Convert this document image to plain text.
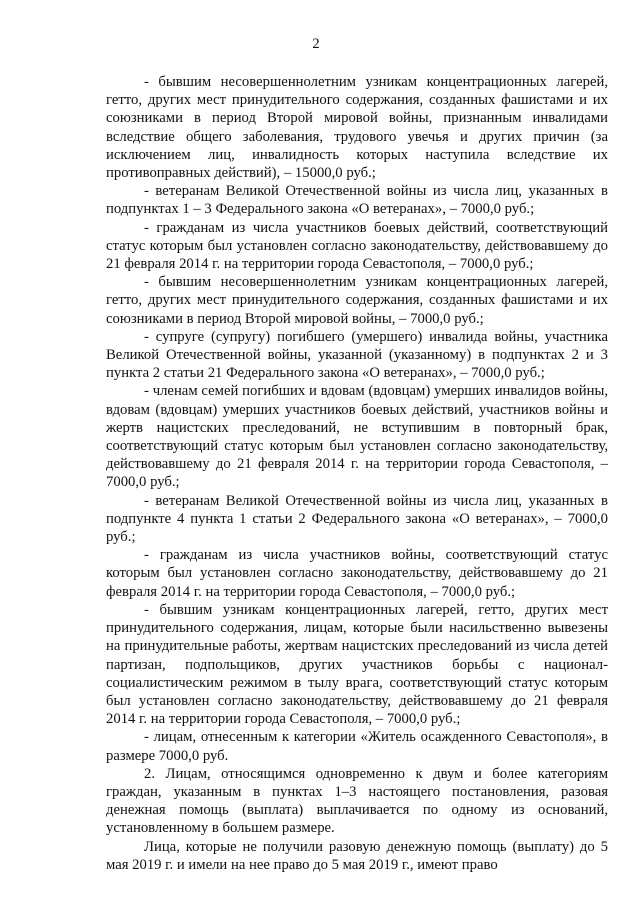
2

- бывшим несовершеннолетним узникам концентрационных лагерей, гетто, других мест принудительного содержания, созданных фашистами и их союзниками в период Второй мировой войны, признанным инвалидами вследствие общего заболевания, трудового увечья и других причин (за исключением лиц, инвалидность которых наступила вследствие их противоправных действий), – 15000,0 руб.;

- ветеранам Великой Отечественной войны из числа лиц, указанных в подпунктах 1 – 3 Федерального закона «О ветеранах», – 7000,0 руб.;

- гражданам из числа участников боевых действий, соответствующий статус которым был установлен согласно законодательству, действовавшему до 21 февраля 2014 г. на территории города Севастополя, – 7000,0 руб.;

- бывшим несовершеннолетним узникам концентрационных лагерей, гетто, других мест принудительного содержания, созданных фашистами и их союзниками в период Второй мировой войны, – 7000,0 руб.;

- супруге (супругу) погибшего (умершего) инвалида войны, участника Великой Отечественной войны, указанной (указанному) в подпунктах 2 и 3 пункта 2 статьи 21 Федерального закона «О ветеранах», – 7000,0 руб.;

- членам семей погибших и вдовам (вдовцам) умерших инвалидов войны, вдовам (вдовцам) умерших участников боевых действий, участников войны и жертв нацистских преследований, не вступившим в повторный брак, соответствующий статус которым был установлен согласно законодательству, действовавшему до 21 февраля 2014 г. на территории города Севастополя, – 7000,0 руб.;

- ветеранам Великой Отечественной войны из числа лиц, указанных в подпункте 4 пункта 1 статьи 2 Федерального закона «О ветеранах», – 7000,0 руб.;

- гражданам из числа участников войны, соответствующий статус которым был установлен согласно законодательству, действовавшему до 21 февраля 2014 г. на территории города Севастополя, – 7000,0 руб.;

- бывшим узникам концентрационных лагерей, гетто, других мест принудительного содержания, лицам, которые были насильственно вывезены на принудительные работы, жертвам нацистских преследований из числа детей партизан, подпольщиков, других участников борьбы с национал-социалистическим режимом в тылу врага, соответствующий статус которым был установлен согласно законодательству, действовавшему до 21 февраля 2014 г. на территории города Севастополя, – 7000,0 руб.;

- лицам, отнесенным к категории «Житель осажденного Севастополя», в размере 7000,0 руб.

2. Лицам, относящимся одновременно к двум и более категориям граждан, указанным в пунктах 1–3 настоящего постановления, разовая денежная помощь (выплата) выплачивается по одному из оснований, установленному в большем размере.

Лица, которые не получили разовую денежную помощь (выплату) до 5 мая 2019 г. и имели на нее право до 5 мая 2019 г., имеют право
